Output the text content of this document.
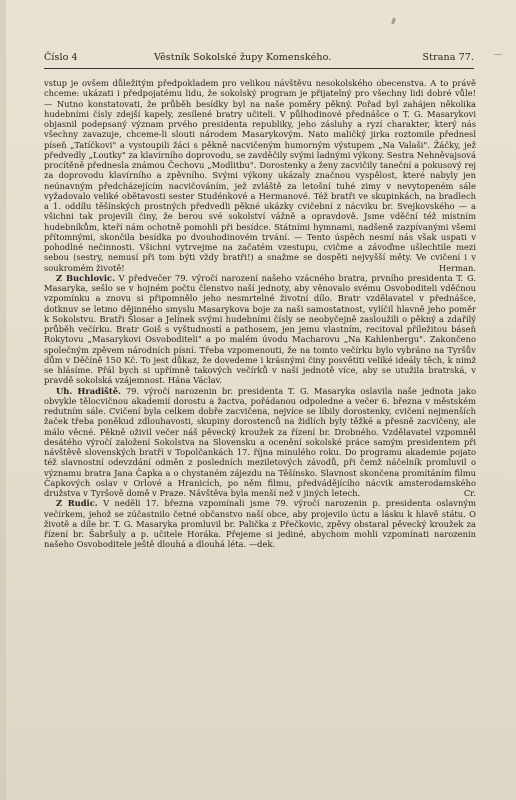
Číslo 4	Věstník Sokolské župy Komenského.	Strana 77.

vstup je ovšem důležitým předpokladem pro velikou návštěvu nesokolského obecenstva. A to právě chceme: ukázati i předpojatému lidu, že sokolský program je přijatelný pro všechny lidi dobré vůle! — Nutno konstatovati, že průběh besídky byl na naše poměry pěkný. Pořad byl zahájen několika hudebními čísly zdejší kapely, zesílené bratry učiteli. V půlhodinové přednášce o T. G. Masarykovi objasnil podepsaný význam prvého presidenta republiky, jeho zásluhy a ryzí charakter, který nás všechny zavazuje, chceme-li slouti národem Masarykovým. Nato maličký jirka roztomile přednesl píseň „Tatíčkovi" a vystoupili žáci s pěkně nacvičeným humorným výstupem „Na Valaši". Žáčky, jež předvedly „Loutky" za klavírního doprovodu, se zavděčily svými ladnými výkony. Sestra Nehněvajsová procítěně přednesla známou Čechovu „Modlitbu". Dorostenky a ženy zacvičily taneční a pokusový rej za doprovodu klavírního a zpěvního. Svými výkony ukázaly značnou vyspělost, které nabyly jen neúnavným předcházejícím nacvičováním, jež zvláště za letošní tuhé zimy v nevytopeném sále vyžadovalo veliké obětavosti sester Studénkové a Hermanové. Též bratři ve skupinkách, na bradlech a 1. oddílu těšínských prostných předvedli pěkné ukázky cvičební z nácviku br. Svejkovského — a všichni tak projevili činy, že berou své sokolství vážně a opravdově. Jsme vděční též místním hudebníkům, kteří nám ochotně pomohli při besídce. Státními hymnami, nadšeně zazpívanými všemi přítomnými, skončila besídka po dvouhodinovém trvání. — Tento úspěch nesmí nás však uspati v pohodlné nečinnosti. Všichni vytrvejme na začatém vzestupu, cvičme a závoďme ušlechtile mezi sebou (sestry, nemusí při tom býti vždy bratři!) a snažme se dospěti nejvyšší měty. Ve cvičení i v soukromém životě!	Herman.

Z Buchlovic. V předvečer 79. výročí narození našeho vzácného bratra, prvního presidenta T. G. Masaryka, sešlo se v hojném počtu členstvo naší jednoty, aby věnovalo svému Osvoboditeli vděčnou vzpomínku a znovu si připomnělo jeho nesmrtelné životní dílo. Bratr vzdělavatel v přednášce, dotknuv se letmo dějinného smyslu Masarykova boje za naši samostatnost, vylíčil hlavně jeho poměr k Sokolstvu. Bratři Šlosar a Jelínek svými hudebními čísly se neobyčejně zasloužili o pěkný a zdařilý průběh večírku. Bratr Goiš s vyštudností a pathosem, jen jemu vlastním, recitoval příležitou báseň Rokytovu „Masarykovi Osvoboditeli" a po malém úvodu Macharovu „Na Kahlenbergu". Zakončeno společným zpěvem národních písní. Třeba vzpomenouti, že na tomto večírku bylo vybráno na Tyršův dům v Děčíně 150 Kč. To jest důkaz, že dovedeme i krásnými činy posvětiti veliké ideály těch, k nimž se hlásíme. Přál bych si upřímně takových večírků v naší jednotě více, aby se utužila bratrská, v pravdě sokolská vzájemnost. Hána Václav.

Uh. Hradiště. 79. výročí narozenin br. presidenta T. G. Masaryka oslavila naše jednota jako obvykle tělocvičnou akademií dorostu a žactva, pořádanou odpoledne a večer 6. března v městském redutním sále. Cvičení byla celkem dobře zacvičena, nejvíce se líbily dorostenky, cvičení nejmenších žaček třeba poněkud zdlouhavosti, skupiny dorostenců na židlích byly těžké a přesně zacvičeny, ale málo věcné. Pěkně oživil večer náš pěvecký kroužek za řízení br. Drobného. Vzdělavatel vzpomněl desátého výročí založení Sokolstva na Slovensku a ocenění sokolské práce samým presidentem při návštěvě slovenských bratří v Topolčankách 17. října minulého roku. Do programu akademie pojato též slavnostní odevzdání odměn z posledních meziletových závodů, při čemž náčelník promluvil o významu bratra Jana Čapka a o chystaném zájezdu na Těšínsko. Slavnost skončena promítáním filmu Čapkových oslav v Orlové a Hranicích, po něm filmu, předvádějícího nácvik amsterodamského družstva v Tyršově domě v Praze. Návštěva byla menší než v jiných letech.	Cr.

Z Rudic. V neděli 17. března vzpomínali jsme 79. výročí narozenin p. presidenta oslavným večírkem, jehož se zúčastnilo četné občanstvo naší obce, aby projevilo úctu a lásku k hlavě státu. O životě a díle br. T. G. Masaryka promluvil br. Palička z Přečkovic, zpěvy obstaral pěvecký kroužek za řízení br. Šabršuly a p. učitele Horáka. Přejeme si jediné, abychom mohli vzpomínati narozenin našeho Osvoboditele ještě dlouhá a dlouhá léta. —dek.
